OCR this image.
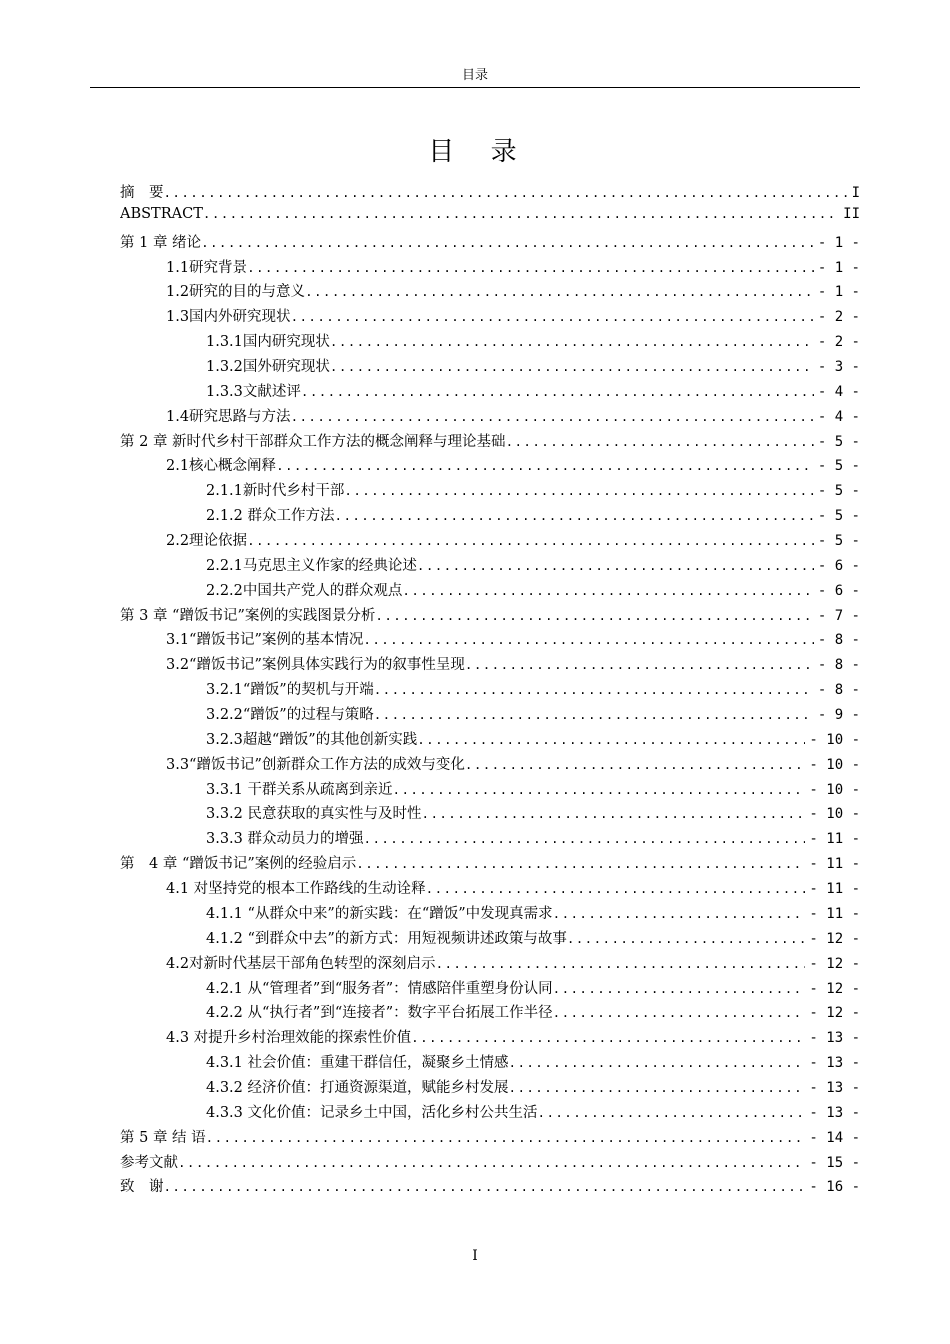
目录
目　录
摘　要 .....	I
ABSTRACT .....	II
第 1 章 绪论 .....	- 1 -
1.1研究背景 .....	- 1 -
1.2研究的目的与意义 .....	- 1 -
1.3国内外研究现状 .....	- 2 -
1.3.1国内研究现状 .....	- 2 -
1.3.2国外研究现状 .....	- 3 -
1.3.3文献述评 .....	- 4 -
1.4研究思路与方法 .....	- 4 -
第 2 章 新时代乡村干部群众工作方法的概念阐释与理论基础 .....	- 5 -
2.1核心概念阐释 .....	- 5 -
2.1.1新时代乡村干部 .....	- 5 -
2.1.2 群众工作方法 .....	- 5 -
2.2理论依据 .....	- 5 -
2.2.1马克思主义作家的经典论述 .....	- 6 -
2.2.2中国共产党人的群众观点 .....	- 6 -
第 3 章 “蹭饭书记”案例的实践图景分析 .....	- 7 -
3.1“蹭饭书记”案例的基本情况 .....	- 8 -
3.2“蹭饭书记”案例具体实践行为的叙事性呈现 .....	- 8 -
3.2.1“蹭饭”的契机与开端 .....	- 8 -
3.2.2“蹭饭”的过程与策略 .....	- 9 -
3.2.3超越“蹭饭”的其他创新实践 .....	- 10 -
3.3“蹭饭书记”创新群众工作方法的成效与变化 .....	- 10 -
3.3.1 干群关系从疏离到亲近 .....	- 10 -
3.3.2 民意获取的真实性与及时性 .....	- 10 -
3.3.3 群众动员力的增强 .....	- 11 -
第　4 章 “蹭饭书记”案例的经验启示 .....	- 11 -
4.1 对坚持党的根本工作路线的生动诠释 .....	- 11 -
4.1.1 “从群众中来”的新实践：在“蹭饭”中发现真需求 .....	- 11 -
4.1.2 “到群众中去”的新方式：用短视频讲述政策与故事 .....	- 12 -
4.2对新时代基层干部角色转型的深刻启示 .....	- 12 -
4.2.1 从“管理者”到“服务者”：情感陪伴重塑身份认同 .....	- 12 -
4.2.2 从“执行者”到“连接者”：数字平台拓展工作半径 .....	- 12 -
4.3 对提升乡村治理效能的探索性价值 .....	- 13 -
4.3.1 社会价值：重建干群信任，凝聚乡土情感 .....	- 13 -
4.3.2 经济价值：打通资源渠道，赋能乡村发展 .....	- 13 -
4.3.3 文化价值：记录乡土中国，活化乡村公共生活 .....	- 13 -
第 5 章 结 语 .....	- 14 -
参考文献 .....	- 15 -
致　谢 .....	- 16 -
I
